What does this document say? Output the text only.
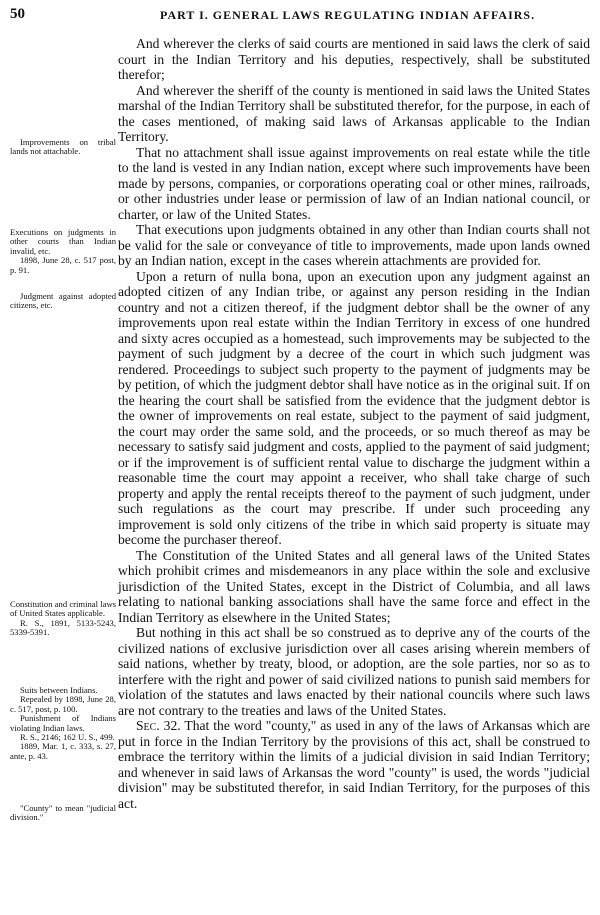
50	PART I. GENERAL LAWS REGULATING INDIAN AFFAIRS.
Improvements on tribal lands not attachable.
Executions on judgments in other courts than Indian invalid, etc.
1898, June 28, c. 517 post, p. 91.
Judgment against adopted citizens, etc.
Constitution and criminal laws of United States applicable.
R. S., 1891, 5133-5243, 5339-5391.
Suits between Indians.
Repealed by 1898, June 28, c. 517, post, p. 100.
Punishment of Indians violating Indian laws.
R. S., 2146; 162 U. S., 499.
1889, Mar. 1, c. 333, s. 27, ante, p. 43.
"County" to mean "judicial division."

And wherever the clerks of said courts are mentioned in said laws the clerk of said court in the Indian Territory and his deputies, respectively, shall be substituted therefor;

And wherever the sheriff of the county is mentioned in said laws the United States marshal of the Indian Territory shall be substituted therefor, for the purpose, in each of the cases mentioned, of making said laws of Arkansas applicable to the Indian Territory.

That no attachment shall issue against improvements on real estate while the title to the land is vested in any Indian nation, except where such improvements have been made by persons, companies, or corporations operating coal or other mines, railroads, or other industries under lease or permission of law of an Indian national council, or charter, or law of the United States.

That executions upon judgments obtained in any other than Indian courts shall not be valid for the sale or conveyance of title to improvements, made upon lands owned by an Indian nation, except in the cases wherein attachments are provided for.

Upon a return of nulla bona, upon an execution upon any judgment against an adopted citizen of any Indian tribe, or against any person residing in the Indian country and not a citizen thereof, if the judgment debtor shall be the owner of any improvements upon real estate within the Indian Territory in excess of one hundred and sixty acres occupied as a homestead, such improvements may be subjected to the payment of such judgment by a decree of the court in which such judgment was rendered. Proceedings to subject such property to the payment of judgments may be by petition, of which the judgment debtor shall have notice as in the original suit. If on the hearing the court shall be satisfied from the evidence that the judgment debtor is the owner of improvements on real estate, subject to the payment of said judgment, the court may order the same sold, and the proceeds, or so much thereof as may be necessary to satisfy said judgment and costs, applied to the payment of said judgment; or if the improvement is of sufficient rental value to discharge the judgment within a reasonable time the court may appoint a receiver, who shall take charge of such property and apply the rental receipts thereof to the payment of such judgment, under such regulations as the court may prescribe. If under such proceeding any improvement is sold only citizens of the tribe in which said property is situate may become the purchaser thereof.

The Constitution of the United States and all general laws of the United States which prohibit crimes and misdemeanors in any place within the sole and exclusive jurisdiction of the United States, except in the District of Columbia, and all laws relating to national banking associations shall have the same force and effect in the Indian Territory as elsewhere in the United States;

But nothing in this act shall be so construed as to deprive any of the courts of the civilized nations of exclusive jurisdiction over all cases arising wherein members of said nations, whether by treaty, blood, or adoption, are the sole parties, nor so as to interfere with the right and power of said civilized nations to punish said members for violation of the statutes and laws enacted by their national councils where such laws are not contrary to the treaties and laws of the United States.

Sec. 32. That the word "county," as used in any of the laws of Arkansas which are put in force in the Indian Territory by the provisions of this act, shall be construed to embrace the territory within the limits of a judicial division in said Indian Territory; and whenever in said laws of Arkansas the word "county" is used, the words "judicial division" may be substituted therefor, in said Indian Territory, for the purposes of this act.
